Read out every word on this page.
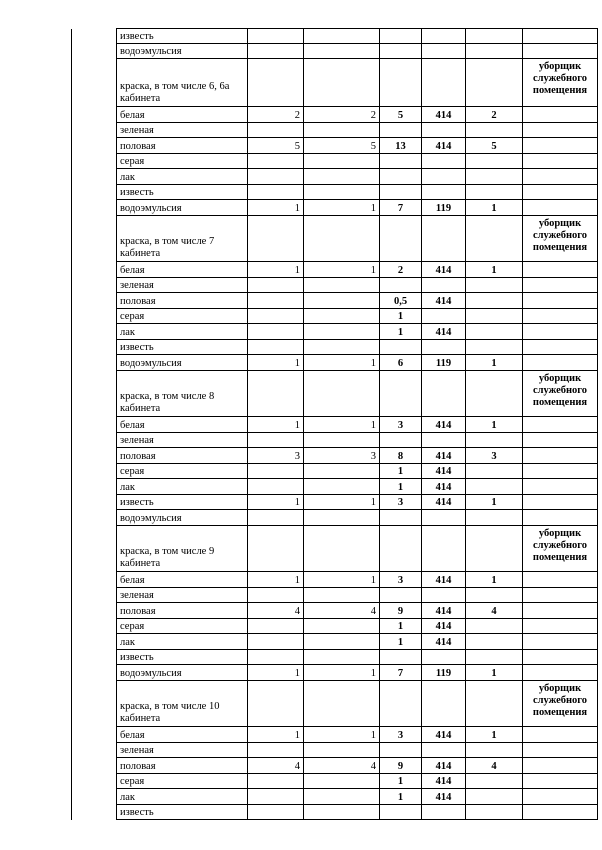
	известь						
	водоэмульсия						
	краска, в том числе 6, 6а кабинета						уборщик служебного помещения
	белая	2	2	5	414	2	
	зеленая						
	половая	5	5	13	414	5	
	серая						
	лак						
	известь						
	водоэмульсия	1	1	7	119	1	
	краска, в том числе 7 кабинета						уборщик служебного помещения
	белая	1	1	2	414	1	
	зеленая						
	половая			0,5	414		
	серая			1			
	лак			1	414		
	известь						
	водоэмульсия	1	1	6	119	1	
	краска, в том числе 8 кабинета						уборщик служебного помещения
	белая	1	1	3	414	1	
	зеленая						
	половая	3	3	8	414	3	
	серая			1	414		
	лак			1	414		
	известь	1	1	3	414	1	
	водоэмульсия						
	краска, в том числе 9 кабинета						уборщик служебного помещения
	белая	1	1	3	414	1	
	зеленая						
	половая	4	4	9	414	4	
	серая			1	414		
	лак			1	414		
	известь						
	водоэмульсия	1	1	7	119	1	
	краска, в том числе 10 кабинета						уборщик служебного помещения
	белая	1	1	3	414	1	
	зеленая						
	половая	4	4	9	414	4	
	серая			1	414		
	лак			1	414		
	известь						
